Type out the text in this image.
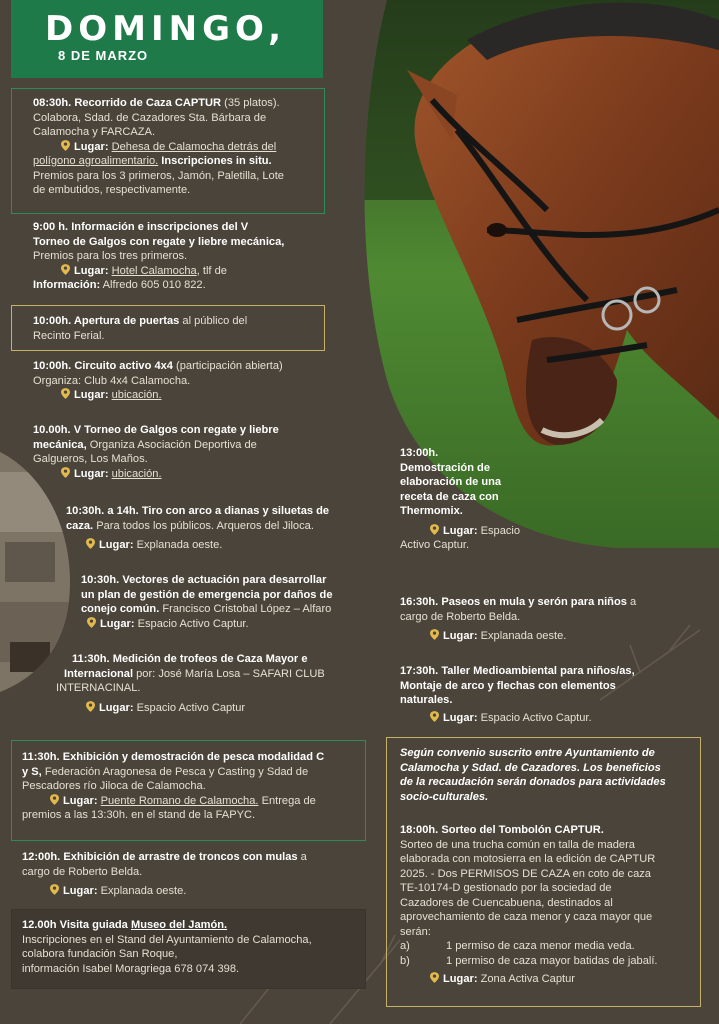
DOMINGO,
8 DE MARZO
08:30h. Recorrido de Caza CAPTUR (35 platos).
Colabora, Sdad. de Cazadores Sta. Bárbara de
Calamocha y FARCAZA.
Lugar: Dehesa de Calamocha detrás del
polígono agroalimentario. Inscripciones in situ.
Premios para los 3 primeros, Jamón, Paletilla, Lote
de embutidos, respectivamente.
9:00 h. Información e inscripciones del V
Torneo de Galgos con regate y liebre mecánica,
Premios para los tres primeros.
Lugar: Hotel Calamocha, tlf de
Información: Alfredo 605 010 822.
10:00h. Apertura de puertas al público del
Recinto Ferial.
10:00h. Circuito activo 4x4 (participación abierta)
Organiza: Club 4x4 Calamocha.
Lugar: ubicación.
10.00h. V Torneo de Galgos con regate y liebre
mecánica, Organiza Asociación Deportiva de
Galgueros, Los Maños.
Lugar: ubicación.
10:30h. a 14h. Tiro con arco a dianas y siluetas de
caza. Para todos los públicos. Arqueros del Jiloca.
Lugar: Explanada oeste.
10:30h. Vectores de actuación para desarrollar
un plan de gestión de emergencia por daños de
conejo común. Francisco Cristobal López – Alfaro
Lugar: Espacio Activo Captur.
11:30h. Medición de trofeos de Caza Mayor e
Internacional por: José María Losa – SAFARI CLUB
INTERNACINAL.
Lugar: Espacio Activo Captur
11:30h. Exhibición y demostración de pesca modalidad C
y S, Federación Aragonesa de Pesca y Casting y Sdad de
Pescadores río Jiloca de Calamocha.
Lugar: Puente Romano de Calamocha. Entrega de
premios a las 13:30h. en el stand de la FAPYC.
12:00h. Exhibición de arrastre de troncos con mulas a
cargo de Roberto Belda.
Lugar: Explanada oeste.
12.00h Visita guiada Museo del Jamón.
Inscripciones en el Stand del Ayuntamiento de Calamocha,
colabora fundación San Roque,
información Isabel Moragriega 678 074 398.
13:00h.
Demostración de
elaboración de una
receta de caza con
Thermomix.
Lugar: Espacio
Activo Captur.
16:30h. Paseos en mula y serón para niños a
cargo de Roberto Belda.
Lugar: Explanada oeste.
17:30h. Taller Medioambiental para niños/as,
Montaje de arco y flechas con elementos
naturales.
Lugar: Espacio Activo Captur.
Según convenio suscrito entre Ayuntamiento de
Calamocha y Sdad. de Cazadores. Los beneficios
de la recaudación serán donados para actividades
socio-culturales.
18:00h. Sorteo del Tombolón CAPTUR.
Sorteo de una trucha común en talla de madera
elaborada con motosierra en la edición de CAPTUR
2025. - Dos PERMISOS DE CAZA en coto de caza
TE-10174-D gestionado por la sociedad de
Cazadores de Cuencabuena, destinados al
aprovechamiento de caza menor y caza mayor que
serán:
a)	1 permiso de caza menor media veda.
b)	1 permiso de caza mayor batidas de jabalí.
Lugar: Zona Activa Captur
